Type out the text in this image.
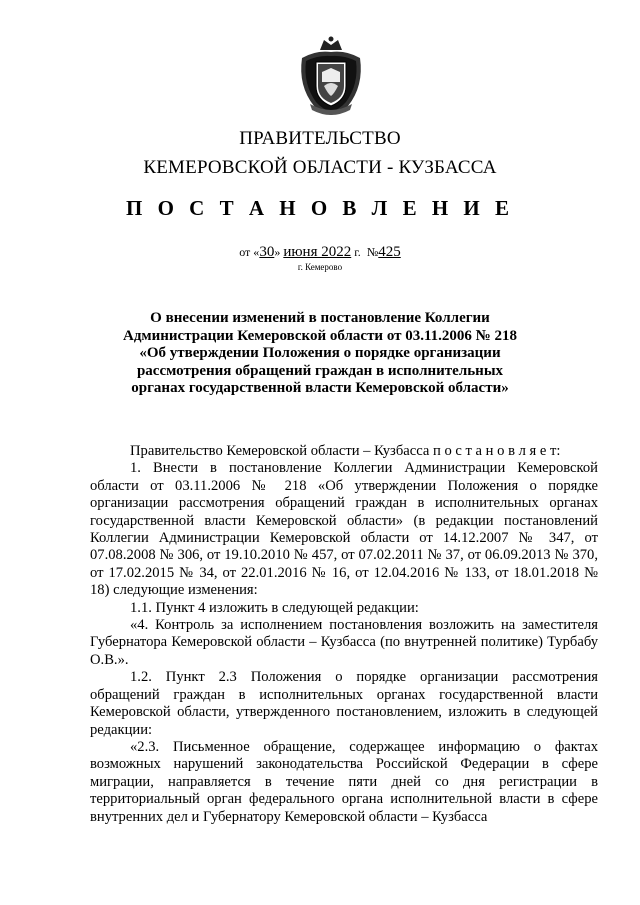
ПРАВИТЕЛЬСТВО
КЕМЕРОВСКОЙ ОБЛАСТИ - КУЗБАССА
П О С Т А Н О В Л Е Н И Е
от «30» июня 2022 г. №425
г. Кемерово
О внесении изменений в постановление Коллегии Администрации Кемеровской области от 03.11.2006 № 218 «Об утверждении Положения о порядке организации рассмотрения обращений граждан в исполнительных органах государственной власти Кемеровской области»

Правительство Кемеровской области – Кузбасса п о с т а н о в л я е т:

1. Внести в постановление Коллегии Администрации Кемеровской области от 03.11.2006 № 218 «Об утверждении Положения о порядке организации рассмотрения обращений граждан в исполнительных органах государственной власти Кемеровской области» (в редакции постановлений Коллегии Администрации Кемеровской области от 14.12.2007 № 347, от 07.08.2008 № 306, от 19.10.2010 № 457, от 07.02.2011 № 37, от 06.09.2013 № 370, от 17.02.2015 № 34, от 22.01.2016 № 16, от 12.04.2016 № 133, от 18.01.2018 № 18) следующие изменения:

1.1. Пункт 4 изложить в следующей редакции:

«4. Контроль за исполнением постановления возложить на заместителя Губернатора Кемеровской области – Кузбасса (по внутренней политике) Турбабу О.В.».

1.2. Пункт 2.3 Положения о порядке организации рассмотрения обращений граждан в исполнительных органах государственной власти Кемеровской области, утвержденного постановлением, изложить в следующей редакции:

«2.3. Письменное обращение, содержащее информацию о фактах возможных нарушений законодательства Российской Федерации в сфере миграции, направляется в течение пяти дней со дня регистрации в территориальный орган федерального органа исполнительной власти в сфере внутренних дел и Губернатору Кемеровской области – Кузбасса
